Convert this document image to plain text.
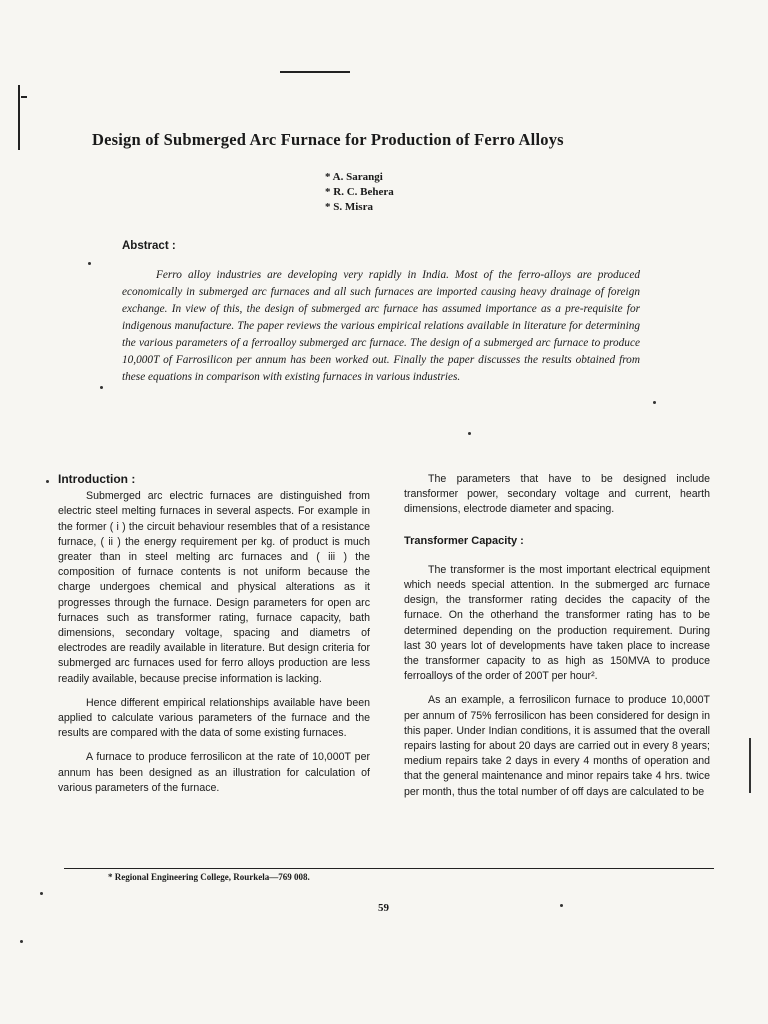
Design of Submerged Arc Furnace for Production of Ferro Alloys
* A. Sarangi
* R. C. Behera
* S. Misra
Abstract :
Ferro alloy industries are developing very rapidly in India. Most of the ferro-alloys are produced economically in submerged arc furnaces and all such furnaces are imported causing heavy drainage of foreign exchange. In view of this, the design of submerged arc furnace has assumed importance as a pre-requisite for indigenous manufacture. The paper reviews the various empirical relations available in literature for determining the various parameters of a ferroalloy submerged arc furnace. The design of a submerged arc furnace to produce 10,000T of Farrosilicon per annum has been worked out. Finally the paper discusses the results obtained from these equations in comparison with existing furnaces in various industries.
Introduction :

Submerged arc electric furnaces are distinguished from electric steel melting furnaces in several aspects. For example in the former ( i ) the circuit behaviour resembles that of a resistance furnace, ( ii ) the energy requirement per kg. of product is much greater than in steel melting arc furnaces and ( iii ) the composition of furnace contents is not uniform because the charge undergoes chemical and physical alterations as it progresses through the furnace. Design parameters for open arc furnaces such as transformer rating, furnace capacity, bath dimensions, secondary voltage, spacing and diametrs of electrodes are readily available in literature. But design criteria for submerged arc furnaces used for ferro alloys production are less readily available, because precise information is lacking.

Hence different empirical relationships available have been applied to calculate various parameters of the furnace and the results are compared with the data of some existing furnaces.

A furnace to produce ferrosilicon at the rate of 10,000T per annum has been designed as an illustration for calculation of various parameters of the furnace.

The parameters that have to be designed include transformer power, secondary voltage and current, hearth dimensions, electrode diameter and spacing.

Transformer Capacity :

The transformer is the most important electrical equipment which needs special attention. In the submerged arc furnace design, the transformer rating decides the capacity of the furnace. On the otherhand the transformer rating has to be determined depending on the production requirement. During last 30 years lot of developments have taken place to increase the transformer capacity to as high as 150MVA to produce ferroalloys of the order of 200T per hour².

As an example, a ferrosilicon furnace to produce 10,000T per annum of 75% ferrosilicon has been considered for design in this paper. Under Indian conditions, it is assumed that the overall repairs lasting for about 20 days are carried out in every 8 years; medium repairs take 2 days in every 4 months of operation and that the general maintenance and minor repairs take 4 hrs. twice per month, thus the total number of off days are calculated to be

* Regional Engineering College, Rourkela—769 008.
59
